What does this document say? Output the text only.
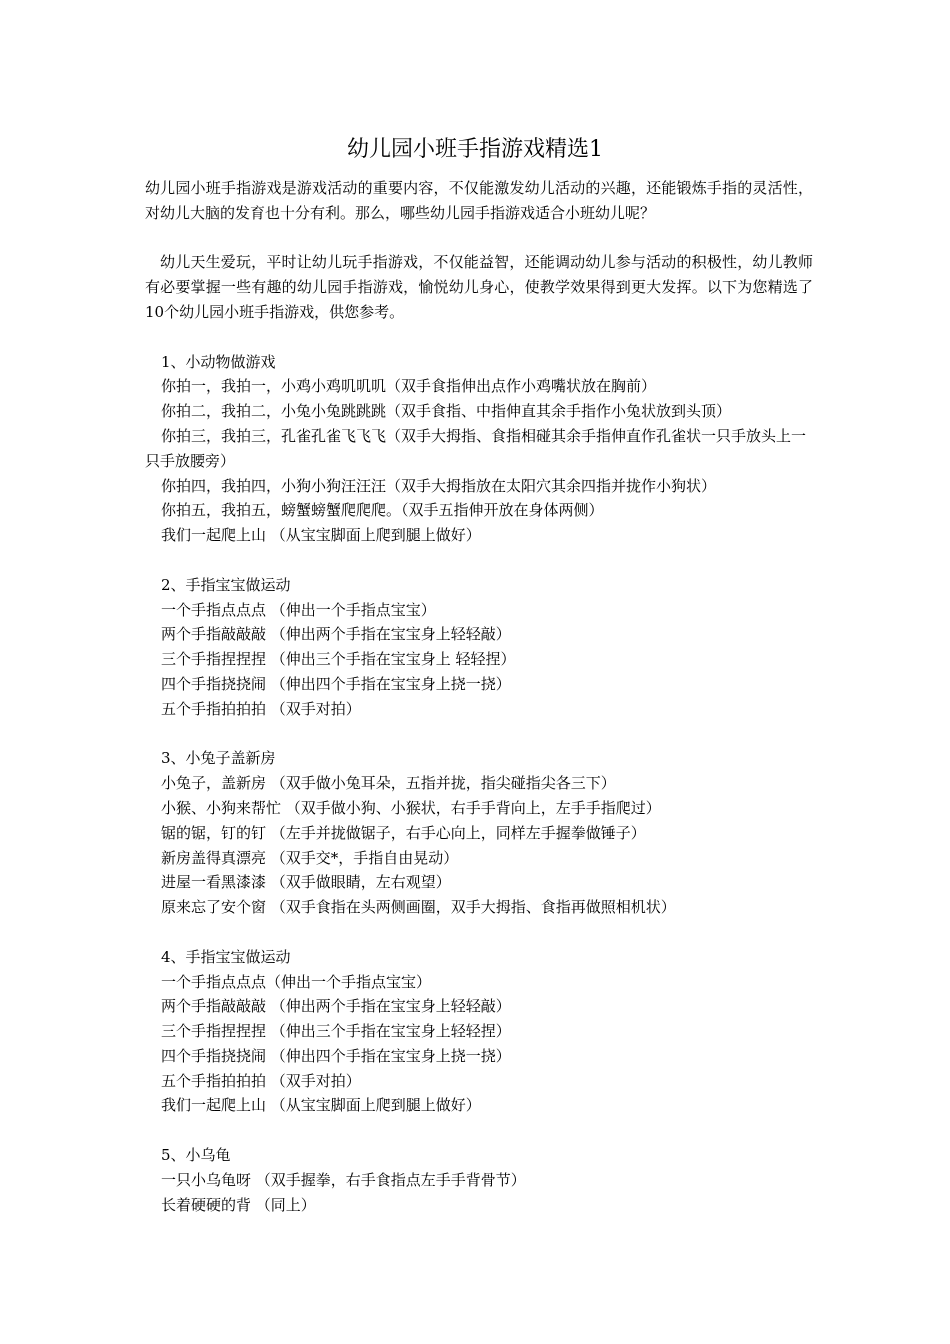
幼儿园小班手指游戏精选1

幼儿园小班手指游戏是游戏活动的重要内容，不仅能激发幼儿活动的兴趣，还能锻炼手指的灵活性，对幼儿大脑的发育也十分有利。那么，哪些幼儿园手指游戏适合小班幼儿呢？

幼儿天生爱玩，平时让幼儿玩手指游戏，不仅能益智，还能调动幼儿参与活动的积极性，幼儿教师有必要掌握一些有趣的幼儿园手指游戏，愉悦幼儿身心，使教学效果得到更大发挥。以下为您精选了10个幼儿园小班手指游戏，供您参考。

1、小动物做游戏

你拍一，我拍一，小鸡小鸡叽叽叽（双手食指伸出点作小鸡嘴状放在胸前）

你拍二，我拍二，小兔小兔跳跳跳（双手食指、中指伸直其余手指作小兔状放到头顶）

你拍三，我拍三，孔雀孔雀飞飞飞（双手大拇指、食指相碰其余手指伸直作孔雀状一只手放头上一只手放腰旁）

你拍四，我拍四，小狗小狗汪汪汪（双手大拇指放在太阳穴其余四指并拢作小狗状）

你拍五，我拍五，螃蟹螃蟹爬爬爬。（双手五指伸开放在身体两侧）

我们一起爬上山 （从宝宝脚面上爬到腿上做好）

2、手指宝宝做运动

一个手指点点点 （伸出一个手指点宝宝）

两个手指敲敲敲 （伸出两个手指在宝宝身上轻轻敲）

三个手指捏捏捏 （伸出三个手指在宝宝身上 轻轻捏）

四个手指挠挠闹 （伸出四个手指在宝宝身上挠一挠）

五个手指拍拍拍 （双手对拍）

3、小兔子盖新房

小兔子，盖新房 （双手做小兔耳朵，五指并拢，指尖碰指尖各三下）

小猴、小狗来帮忙 （双手做小狗、小猴状，右手手背向上，左手手指爬过）

锯的锯，钉的钉 （左手并拢做锯子，右手心向上，同样左手握拳做锤子）

新房盖得真漂亮 （双手交*，手指自由晃动）

进屋一看黑漆漆 （双手做眼睛，左右观望）

原来忘了安个窗 （双手食指在头两侧画圈，双手大拇指、食指再做照相机状）

4、手指宝宝做运动

一个手指点点点（伸出一个手指点宝宝）

两个手指敲敲敲 （伸出两个手指在宝宝身上轻轻敲）

三个手指捏捏捏 （伸出三个手指在宝宝身上轻轻捏）

四个手指挠挠闹 （伸出四个手指在宝宝身上挠一挠）

五个手指拍拍拍 （双手对拍）

我们一起爬上山 （从宝宝脚面上爬到腿上做好）

5、小乌龟

一只小乌龟呀 （双手握拳，右手食指点左手手背骨节）

长着硬硬的背 （同上）
